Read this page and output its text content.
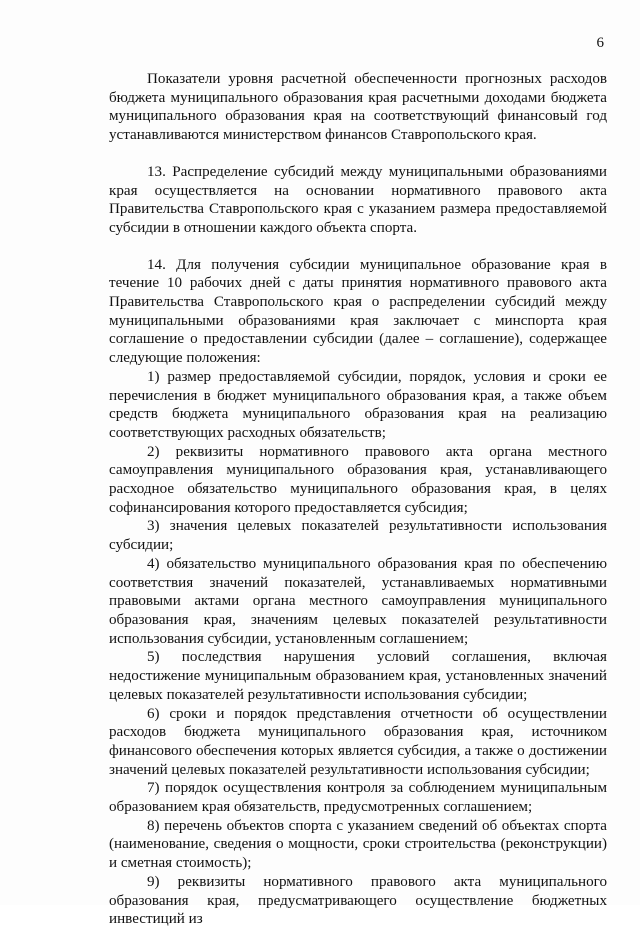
6

Показатели уровня расчетной обеспеченности прогнозных расходов бюджета муниципального образования края расчетными доходами бюджета муниципального образования края на соответствующий финансовый год устанавливаются министерством финансов Ставропольского края.

13. Распределение субсидий между муниципальными образованиями края осуществляется на основании нормативного правового акта Правительства Ставропольского края с указанием размера предоставляемой субсидии в отношении каждого объекта спорта.

14. Для получения субсидии муниципальное образование края в течение 10 рабочих дней с даты принятия нормативного правового акта Правительства Ставропольского края о распределении субсидий между муниципальными образованиями края заключает с минспорта края соглашение о предоставлении субсидии (далее – соглашение), содержащее следующие положения:

1) размер предоставляемой субсидии, порядок, условия и сроки ее перечисления в бюджет муниципального образования края, а также объем средств бюджета муниципального образования края на реализацию соответствующих расходных обязательств;

2) реквизиты нормативного правового акта органа местного самоуправления муниципального образования края, устанавливающего расходное обязательство муниципального образования края, в целях софинансирования которого предоставляется субсидия;

3) значения целевых показателей результативности использования субсидии;

4) обязательство муниципального образования края по обеспечению соответствия значений показателей, устанавливаемых нормативными правовыми актами органа местного самоуправления муниципального образования края, значениям целевых показателей результативности использования субсидии, установленным соглашением;

5) последствия нарушения условий соглашения, включая недостижение муниципальным образованием края, установленных значений целевых показателей результативности использования субсидии;

6) сроки и порядок представления отчетности об осуществлении расходов бюджета муниципального образования края, источником финансового обеспечения которых является субсидия, а также о достижении значений целевых показателей результативности использования субсидии;

7) порядок осуществления контроля за соблюдением муниципальным образованием края обязательств, предусмотренных соглашением;

8) перечень объектов спорта с указанием сведений об объектах спорта (наименование, сведения о мощности, сроки строительства (реконструкции) и сметная стоимость);

9) реквизиты нормативного правового акта муниципального образования края, предусматривающего осуществление бюджетных инвестиций из
